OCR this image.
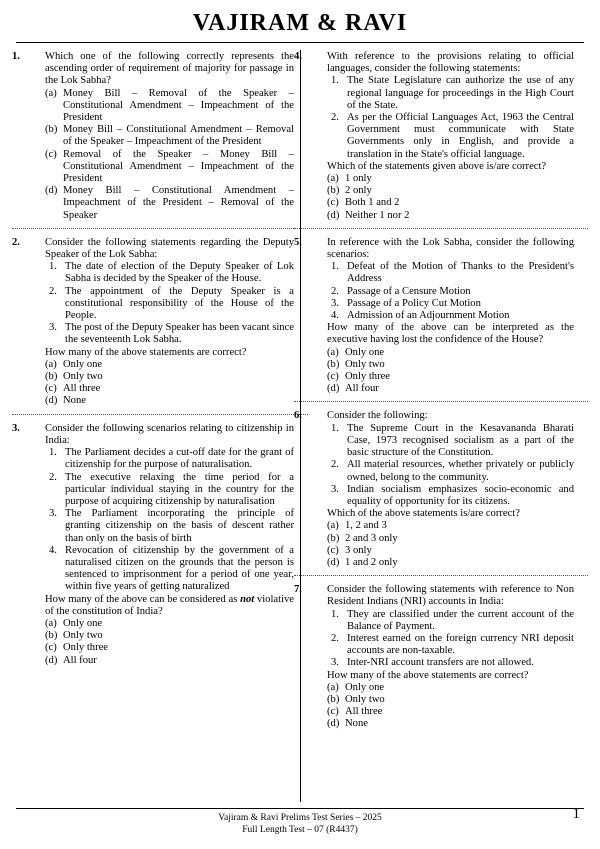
VAJIRAM & RAVI
1. Which one of the following correctly represents the ascending order of requirement of majority for passage in the Lok Sabha?
(a) Money Bill – Removal of the Speaker – Constitutional Amendment – Impeachment of the President
(b) Money Bill – Constitutional Amendment – Removal of the Speaker – Impeachment of the President
(c) Removal of the Speaker – Money Bill – Constitutional Amendment – Impeachment of the President
(d) Money Bill – Constitutional Amendment – Impeachment of the President – Removal of the Speaker
2. Consider the following statements regarding the Deputy Speaker of the Lok Sabha:
1. The date of election of the Deputy Speaker of Lok Sabha is decided by the Speaker of the House.
2. The appointment of the Deputy Speaker is a constitutional responsibility of the House of the People.
3. The post of the Deputy Speaker has been vacant since the seventeenth Lok Sabha.
How many of the above statements are correct?
(a) Only one
(b) Only two
(c) All three
(d) None
3. Consider the following scenarios relating to citizenship in India:
1. The Parliament decides a cut-off date for the grant of citizenship for the purpose of naturalisation.
2. The executive relaxing the time period for a particular individual staying in the country for the purpose of acquiring citizenship by naturalisation
3. The Parliament incorporating the principle of granting citizenship on the basis of descent rather than only on the basis of birth
4. Revocation of citizenship by the government of a naturalised citizen on the grounds that the person is sentenced to imprisonment for a period of one year, within five years of getting naturalized
How many of the above can be considered as not violative of the constitution of India?
(a) Only one
(b) Only two
(c) Only three
(d) All four
4. With reference to the provisions relating to official languages, consider the following statements:
1. The State Legislature can authorize the use of any regional language for proceedings in the High Court of the State.
2. As per the Official Languages Act, 1963 the Central Government must communicate with State Governments only in English, and provide a translation in the State's official language.
Which of the statements given above is/are correct?
(a) 1 only
(b) 2 only
(c) Both 1 and 2
(d) Neither 1 nor 2
5. In reference with the Lok Sabha, consider the following scenarios:
1. Defeat of the Motion of Thanks to the President's Address
2. Passage of a Censure Motion
3. Passage of a Policy Cut Motion
4. Admission of an Adjournment Motion
How many of the above can be interpreted as the executive having lost the confidence of the House?
(a) Only one
(b) Only two
(c) Only three
(d) All four
6. Consider the following:
1. The Supreme Court in the Kesavananda Bharati Case, 1973 recognised socialism as a part of the basic structure of the Constitution.
2. All material resources, whether privately or publicly owned, belong to the community.
3. Indian socialism emphasizes socio-economic and equality of opportunity for its citizens.
Which of the above statements is/are correct?
(a) 1, 2 and 3
(b) 2 and 3 only
(c) 3 only
(d) 1 and 2 only
7. Consider the following statements with reference to Non Resident Indians (NRI) accounts in India:
1. They are classified under the current account of the Balance of Payment.
2. Interest earned on the foreign currency NRI deposit accounts are non-taxable.
3. Inter-NRI account transfers are not allowed.
How many of the above statements are correct?
(a) Only one
(b) Only two
(c) All three
(d) None
Vajiram & Ravi Prelims Test Series – 2025
Full Length Test – 07 (R4437)
1
